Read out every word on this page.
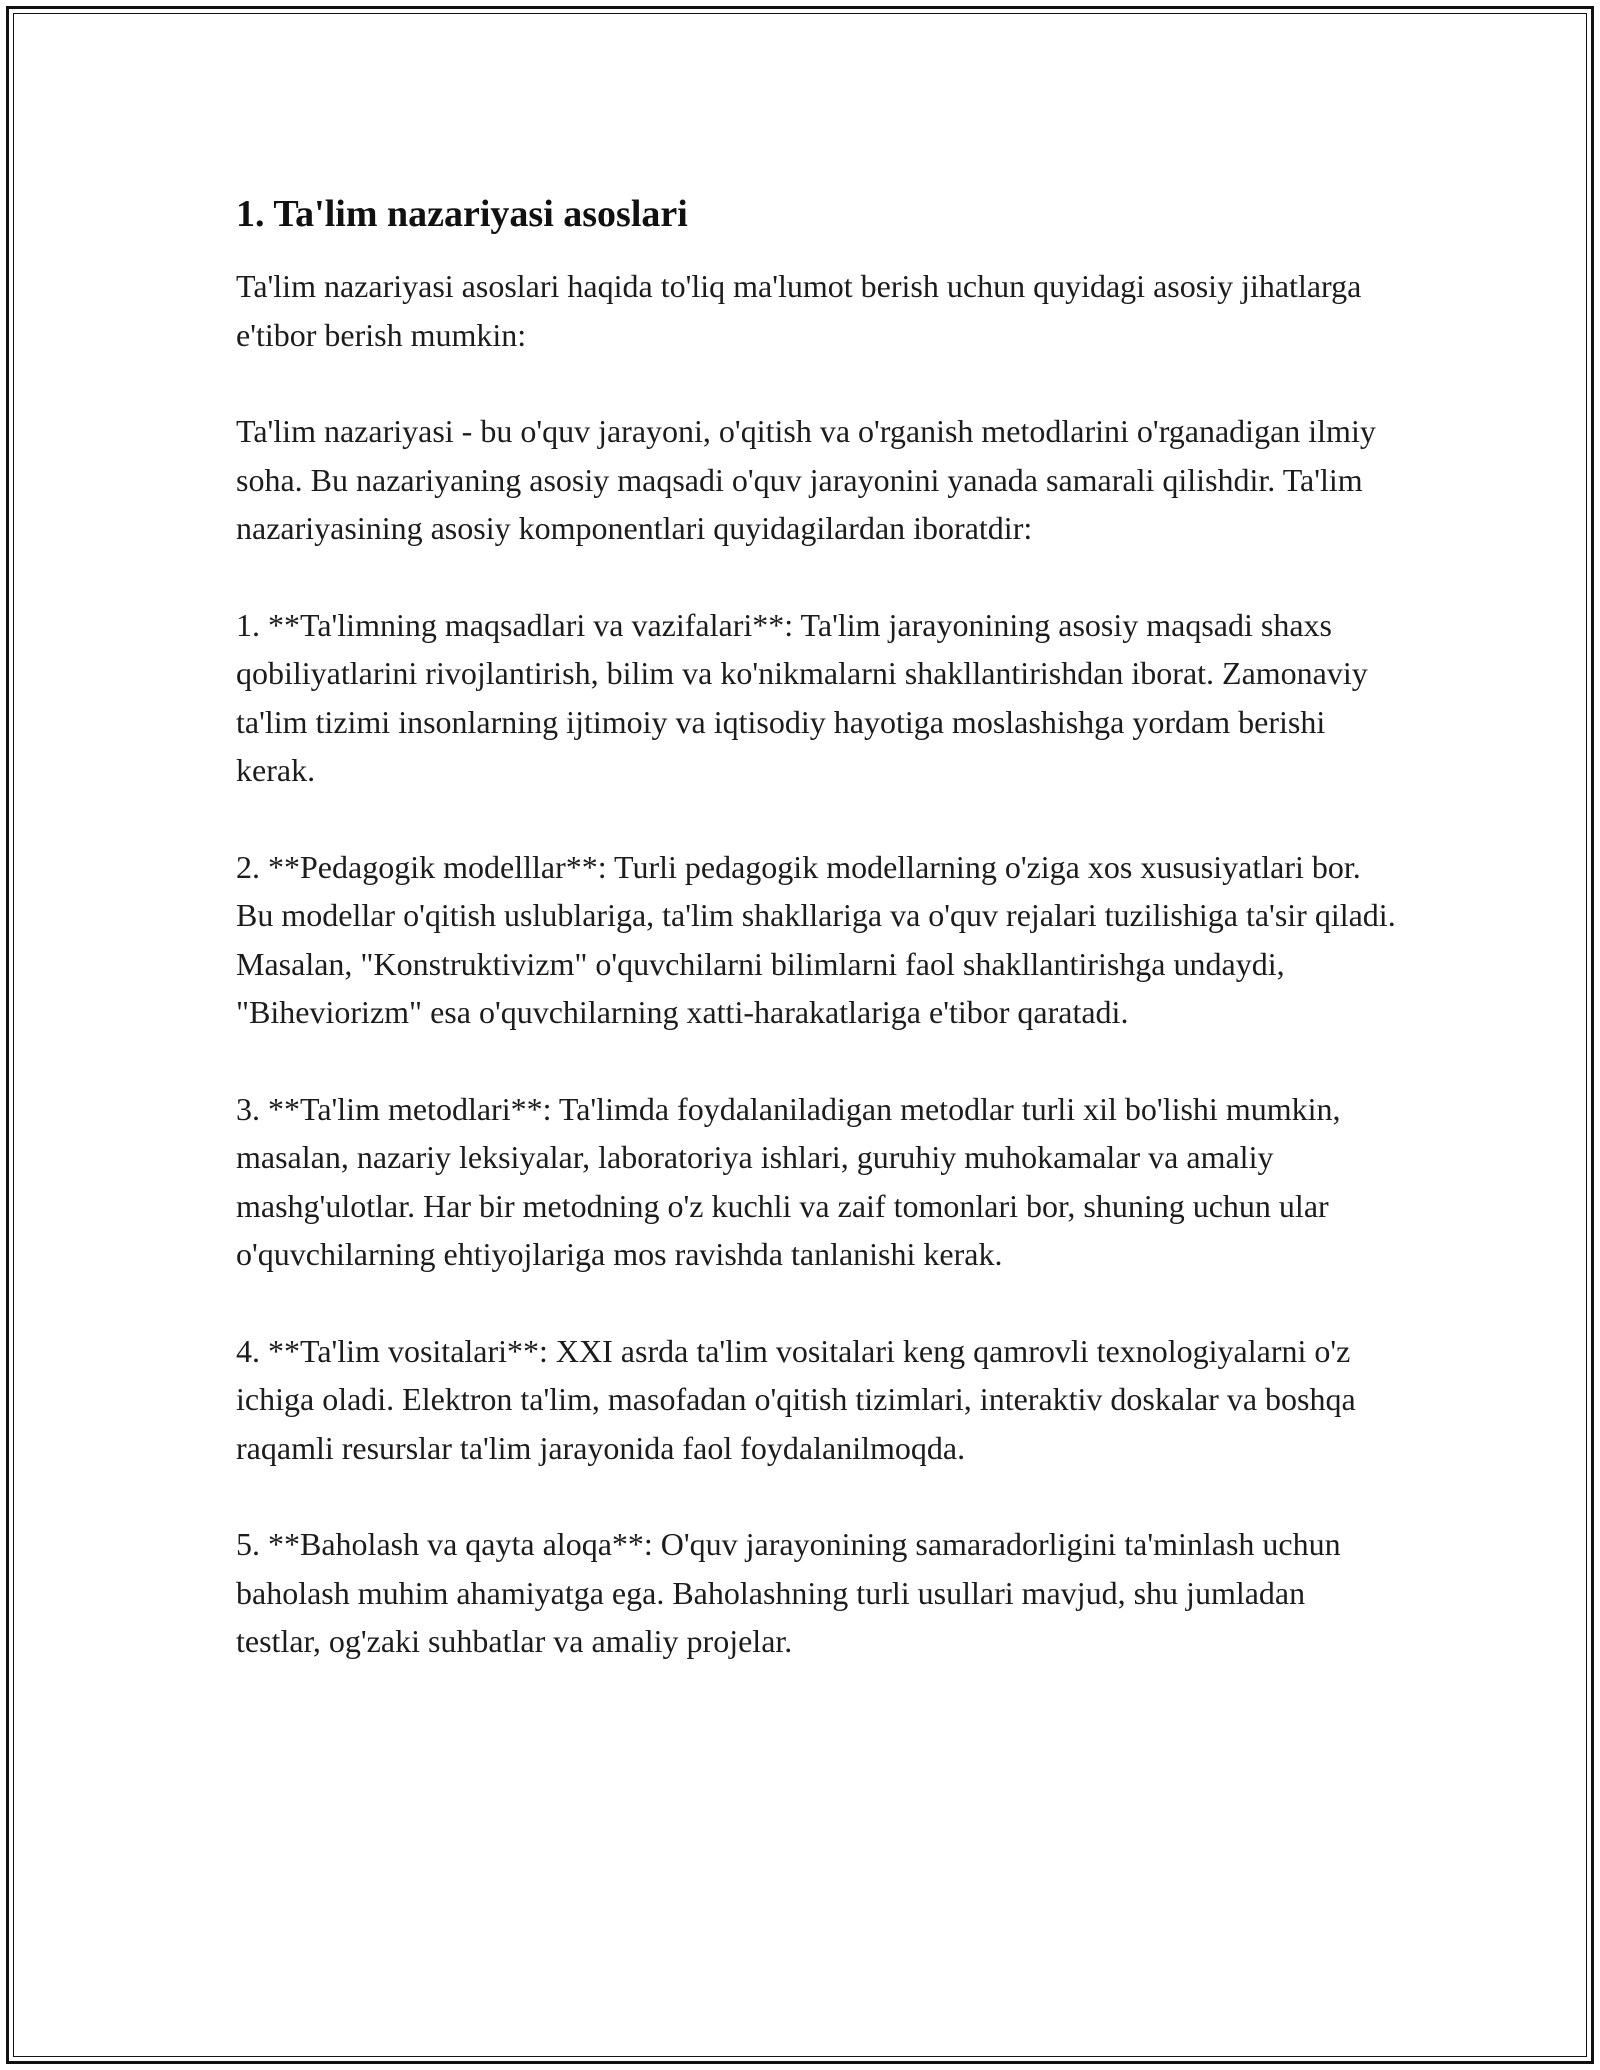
1. Ta'lim nazariyasi asoslari

Ta'lim nazariyasi asoslari haqida to'liq ma'lumot berish uchun quyidagi asosiy jihatlarga e'tibor berish mumkin:

Ta'lim nazariyasi - bu o'quv jarayoni, o'qitish va o'rganish metodlarini o'rganadigan ilmiy soha. Bu nazariyaning asosiy maqsadi o'quv jarayonini yanada samarali qilishdir. Ta'lim nazariyasining asosiy komponentlari quyidagilardan iboratdir:

1. **Ta'limning maqsadlari va vazifalari**: Ta'lim jarayonining asosiy maqsadi shaxs qobiliyatlarini rivojlantirish, bilim va ko'nikmalarni shakllantirishdan iborat. Zamonaviy ta'lim tizimi insonlarning ijtimoiy va iqtisodiy hayotiga moslashishga yordam berishi kerak.

2. **Pedagogik modelllar**: Turli pedagogik modellarning o'ziga xos xususiyatlari bor. Bu modellar o'qitish uslublariga, ta'lim shakllariga va o'quv rejalari tuzilishiga ta'sir qiladi. Masalan, "Konstruktivizm" o'quvchilarni bilimlarni faol shakllantirishga undaydi, "Biheviorizm" esa o'quvchilarning xatti-harakatlariga e'tibor qaratadi.

3. **Ta'lim metodlari**: Ta'limda foydalaniladigan metodlar turli xil bo'lishi mumkin, masalan, nazariy leksiyalar, laboratoriya ishlari, guruhiy muhokamalar va amaliy mashg'ulotlar. Har bir metodning o'z kuchli va zaif tomonlari bor, shuning uchun ular o'quvchilarning ehtiyojlariga mos ravishda tanlanishi kerak.

4. **Ta'lim vositalari**: XXI asrda ta'lim vositalari keng qamrovli texnologiyalarni o'z ichiga oladi. Elektron ta'lim, masofadan o'qitish tizimlari, interaktiv doskalar va boshqa raqamli resurslar ta'lim jarayonida faol foydalanilmoqda.

5. **Baholash va qayta aloqa**: O'quv jarayonining samaradorligini ta'minlash uchun baholash muhim ahamiyatga ega. Baholashning turli usullari mavjud, shu jumladan testlar, og'zaki suhbatlar va amaliy projelar.
